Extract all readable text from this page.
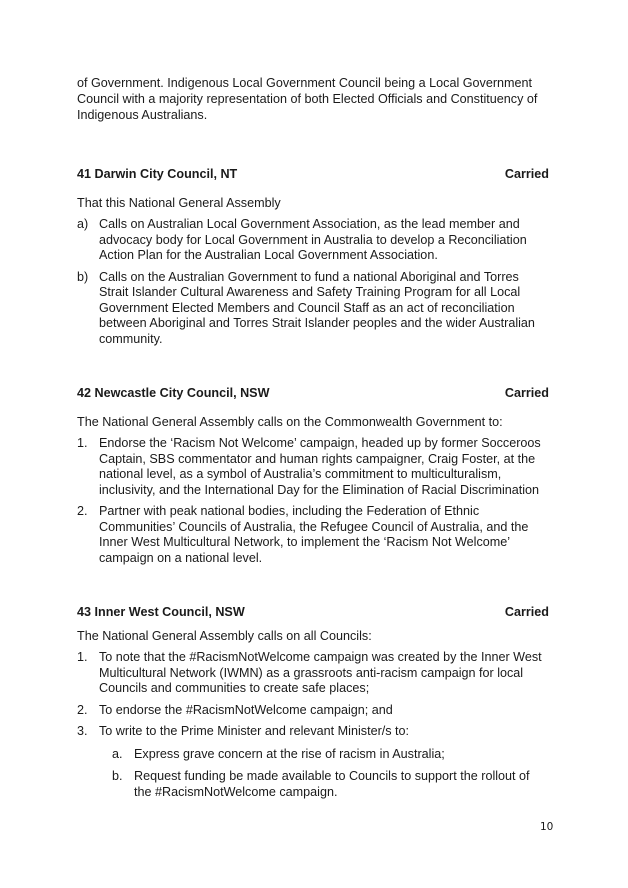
of Government. Indigenous Local Government Council being a Local Government Council with a majority representation of both Elected Officials and Constituency of Indigenous Australians.

41 Darwin City Council, NT	Carried
That this National General Assembly
a) Calls on Australian Local Government Association, as the lead member and advocacy body for Local Government in Australia to develop a Reconciliation Action Plan for the Australian Local Government Association.
b) Calls on the Australian Government to fund a national Aboriginal and Torres Strait Islander Cultural Awareness and Safety Training Program for all Local Government Elected Members and Council Staff as an act of reconciliation between Aboriginal and Torres Strait Islander peoples and the wider Australian community.
42 Newcastle City Council, NSW	Carried
The National General Assembly calls on the Commonwealth Government to:
1. Endorse the ‘Racism Not Welcome’ campaign, headed up by former Socceroos Captain, SBS commentator and human rights campaigner, Craig Foster, at the national level, as a symbol of Australia’s commitment to multiculturalism, inclusivity, and the International Day for the Elimination of Racial Discrimination
2. Partner with peak national bodies, including the Federation of Ethnic Communities’ Councils of Australia, the Refugee Council of Australia, and the Inner West Multicultural Network, to implement the ‘Racism Not Welcome’ campaign on a national level.
43 Inner West Council, NSW	Carried
The National General Assembly calls on all Councils:
1. To note that the #RacismNotWelcome campaign was created by the Inner West Multicultural Network (IWMN) as a grassroots anti-racism campaign for local Councils and communities to create safe places;
2. To endorse the #RacismNotWelcome campaign; and
3. To write to the Prime Minister and relevant Minister/s to:
a. Express grave concern at the rise of racism in Australia;
b. Request funding be made available to Councils to support the rollout of the #RacismNotWelcome campaign.
10
